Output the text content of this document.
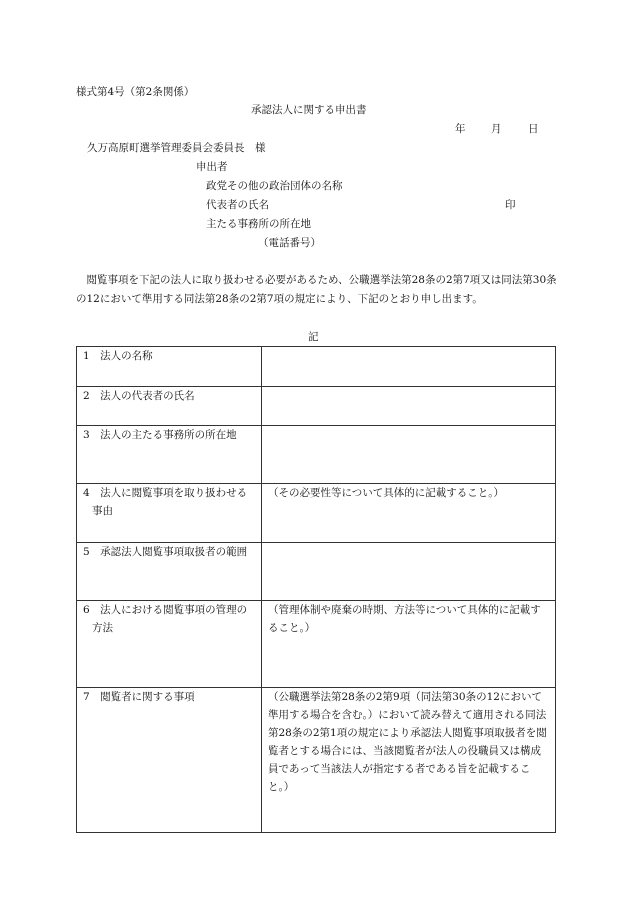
様式第4号（第2条関係）
承認法人に関する申出書
年 月	日
久万高原町選挙管理委員会委員長　様
申出者
政党その他の政治団体の名称
代表者の氏名	印
主たる事務所の所在地
（電話番号）
閲覧事項を下記の法人に取り扱わせる必要があるため、公職選挙法第28条の2第7項又は同法第30条の12において準用する同法第28条の2第7項の規定により、下記のとおり申し出ます。
記
1　法人の名称	

2　法人の代表者の氏名	

3　法人の主たる事務所の所在地	

4　法人に閲覧事項を取り扱わせる事由	（その必要性等について具体的に記載すること。）

5　承認法人閲覧事項取扱者の範囲	

6　法人における閲覧事項の管理の方法	（管理体制や廃棄の時期、方法等について具体的に記載すること。）

7　閲覧者に関する事項	（公職選挙法第28条の2第9項（同法第30条の12において準用する場合を含む。）において読み替えて適用される同法第28条の2第1項の規定により承認法人閲覧事項取扱者を閲覧者とする場合には、当該閲覧者が法人の役職員又は構成員であって当該法人が指定する者である旨を記載すること。）
